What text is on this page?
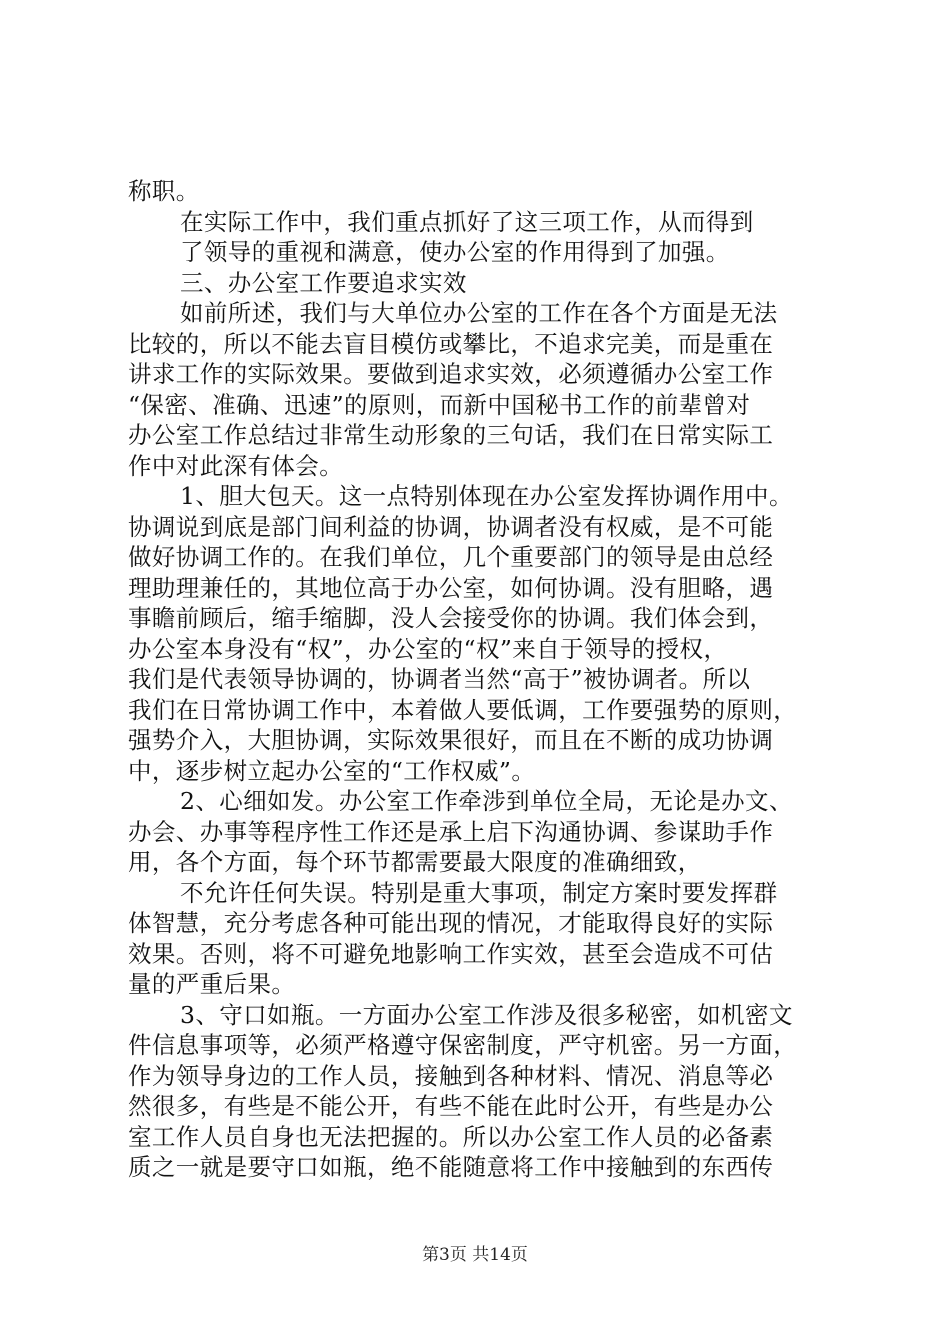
称职。
在实际工作中，我们重点抓好了这三项工作，从而得到
了领导的重视和满意，使办公室的作用得到了加强。
三、办公室工作要追求实效
如前所述，我们与大单位办公室的工作在各个方面是无法
比较的，所以不能去盲目模仿或攀比，不追求完美，而是重在
讲求工作的实际效果。要做到追求实效，必须遵循办公室工作
“保密、准确、迅速”的原则，而新中国秘书工作的前辈曾对
办公室工作总结过非常生动形象的三句话，我们在日常实际工
作中对此深有体会。
1、胆大包天。这一点特别体现在办公室发挥协调作用中。
协调说到底是部门间利益的协调，协调者没有权威，是不可能
做好协调工作的。在我们单位，几个重要部门的领导是由总经
理助理兼任的，其地位高于办公室，如何协调。没有胆略，遇
事瞻前顾后，缩手缩脚，没人会接受你的协调。我们体会到，
办公室本身没有“权”，办公室的“权”来自于领导的授权，
我们是代表领导协调的，协调者当然“高于”被协调者。所以
我们在日常协调工作中，本着做人要低调，工作要强势的原则，
强势介入，大胆协调，实际效果很好，而且在不断的成功协调
中，逐步树立起办公室的“工作权威”。
2、心细如发。办公室工作牵涉到单位全局，无论是办文、
办会、办事等程序性工作还是承上启下沟通协调、参谋助手作
用，各个方面，每个环节都需要最大限度的准确细致，
不允许任何失误。特别是重大事项，制定方案时要发挥群
体智慧，充分考虑各种可能出现的情况，才能取得良好的实际
效果。否则，将不可避免地影响工作实效，甚至会造成不可估
量的严重后果。
3、守口如瓶。一方面办公室工作涉及很多秘密，如机密文
件信息事项等，必须严格遵守保密制度，严守机密。另一方面，
作为领导身边的工作人员，接触到各种材料、情况、消息等必
然很多，有些是不能公开，有些不能在此时公开，有些是办公
室工作人员自身也无法把握的。所以办公室工作人员的必备素
质之一就是要守口如瓶，绝不能随意将工作中接触到的东西传
第3页 共14页
